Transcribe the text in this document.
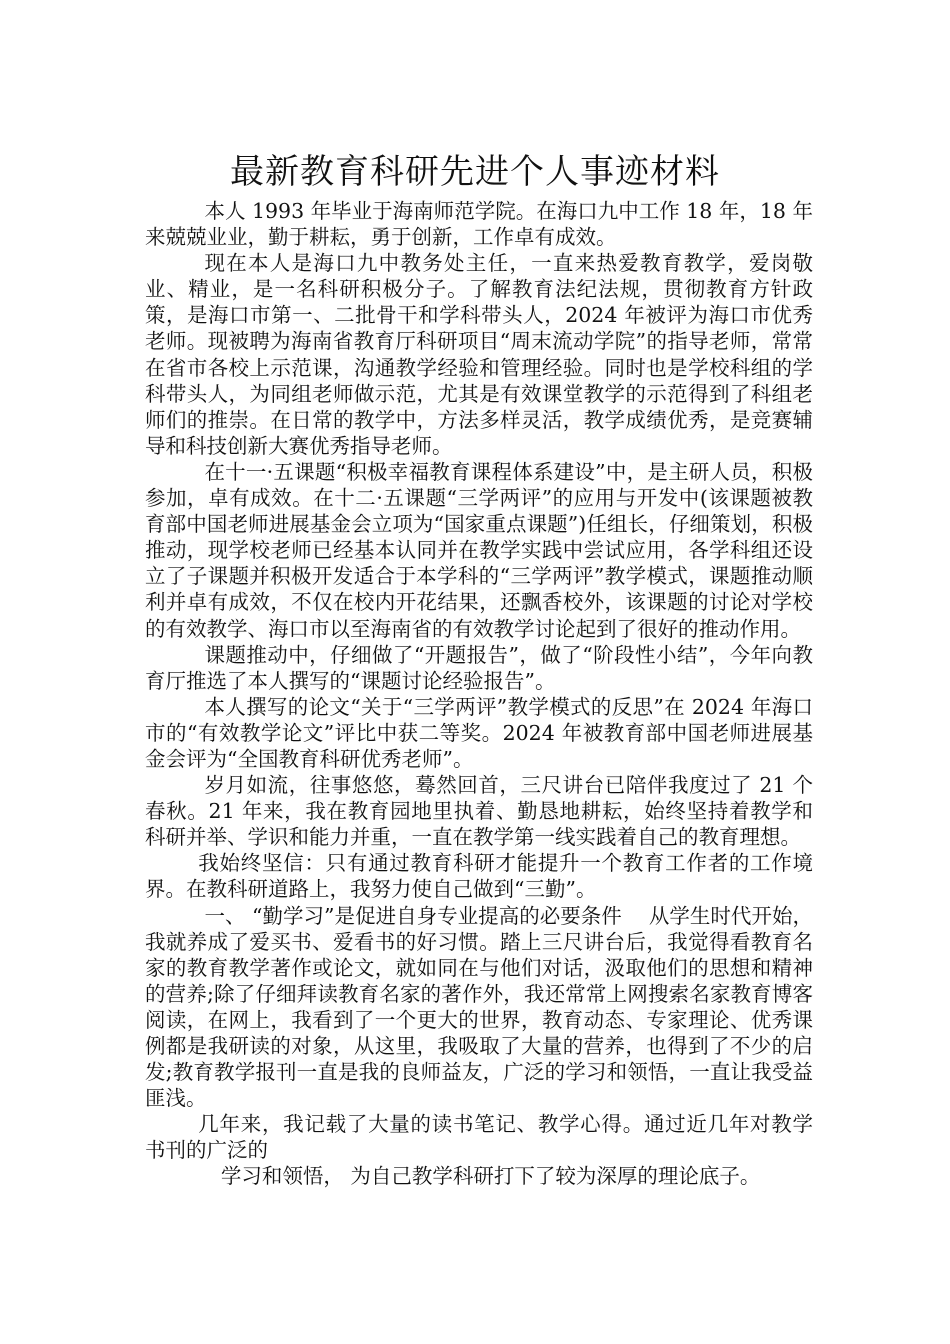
最新教育科研先进个人事迹材料

本人 1993 年毕业于海南师范学院。在海口九中工作 18 年，18 年来兢兢业业，勤于耕耘，勇于创新，工作卓有成效。

现在本人是海口九中教务处主任，一直来热爱教育教学，爱岗敬业、精业，是一名科研积极分子。了解教育法纪法规，贯彻教育方针政策，是海口市第一、二批骨干和学科带头人，2024 年被评为海口市优秀老师。现被聘为海南省教育厅科研项目“周末流动学院”的指导老师，常常在省市各校上示范课，沟通教学经验和管理经验。同时也是学校科组的学科带头人，为同组老师做示范，尤其是有效课堂教学的示范得到了科组老师们的推崇。在日常的教学中，方法多样灵活，教学成绩优秀，是竞赛辅导和科技创新大赛优秀指导老师。

在十一·五课题“积极幸福教育课程体系建设”中，是主研人员，积极参加，卓有成效。在十二·五课题“三学两评”的应用与开发中(该课题被教育部中国老师进展基金会立项为“国家重点课题”)任组长，仔细策划，积极推动，现学校老师已经基本认同并在教学实践中尝试应用，各学科组还设立了子课题并积极开发适合于本学科的“三学两评”教学模式，课题推动顺利并卓有成效，不仅在校内开花结果，还飘香校外，该课题的讨论对学校的有效教学、海口市以至海南省的有效教学讨论起到了很好的推动作用。

课题推动中，仔细做了“开题报告”，做了“阶段性小结”，今年向教育厅推选了本人撰写的“课题讨论经验报告”。

本人撰写的论文“关于“三学两评”教学模式的反思”在 2024 年海口市的“有效教学论文”评比中获二等奖。2024 年被教育部中国老师进展基金会评为“全国教育科研优秀老师”。

岁月如流，往事悠悠，蓦然回首，三尺讲台已陪伴我度过了 21 个春秋。21 年来，我在教育园地里执着、勤恳地耕耘，始终坚持着教学和科研并举、学识和能力并重，一直在教学第一线实践着自己的教育理想。

我始终坚信：只有通过教育科研才能提升一个教育工作者的工作境界。在教科研道路上，我努力使自己做到“三勤”。

一、 “勤学习”是促进自身专业提高的必要条件　 从学生时代开始，我就养成了爱买书、爱看书的好习惯。踏上三尺讲台后，我觉得看教育名家的教育教学著作或论文，就如同在与他们对话，汲取他们的思想和精神的营养;除了仔细拜读教育名家的著作外，我还常常上网搜索名家教育博客阅读，在网上，我看到了一个更大的世界，教育动态、专家理论、优秀课例都是我研读的对象，从这里，我吸取了大量的营养，也得到了不少的启发;教育教学报刊一直是我的良师益友，广泛的学习和领悟，一直让我受益匪浅。

几年来，我记载了大量的读书笔记、教学心得。通过近几年对教学书刊的广泛的

学习和领悟， 为自己教学科研打下了较为深厚的理论底子。
